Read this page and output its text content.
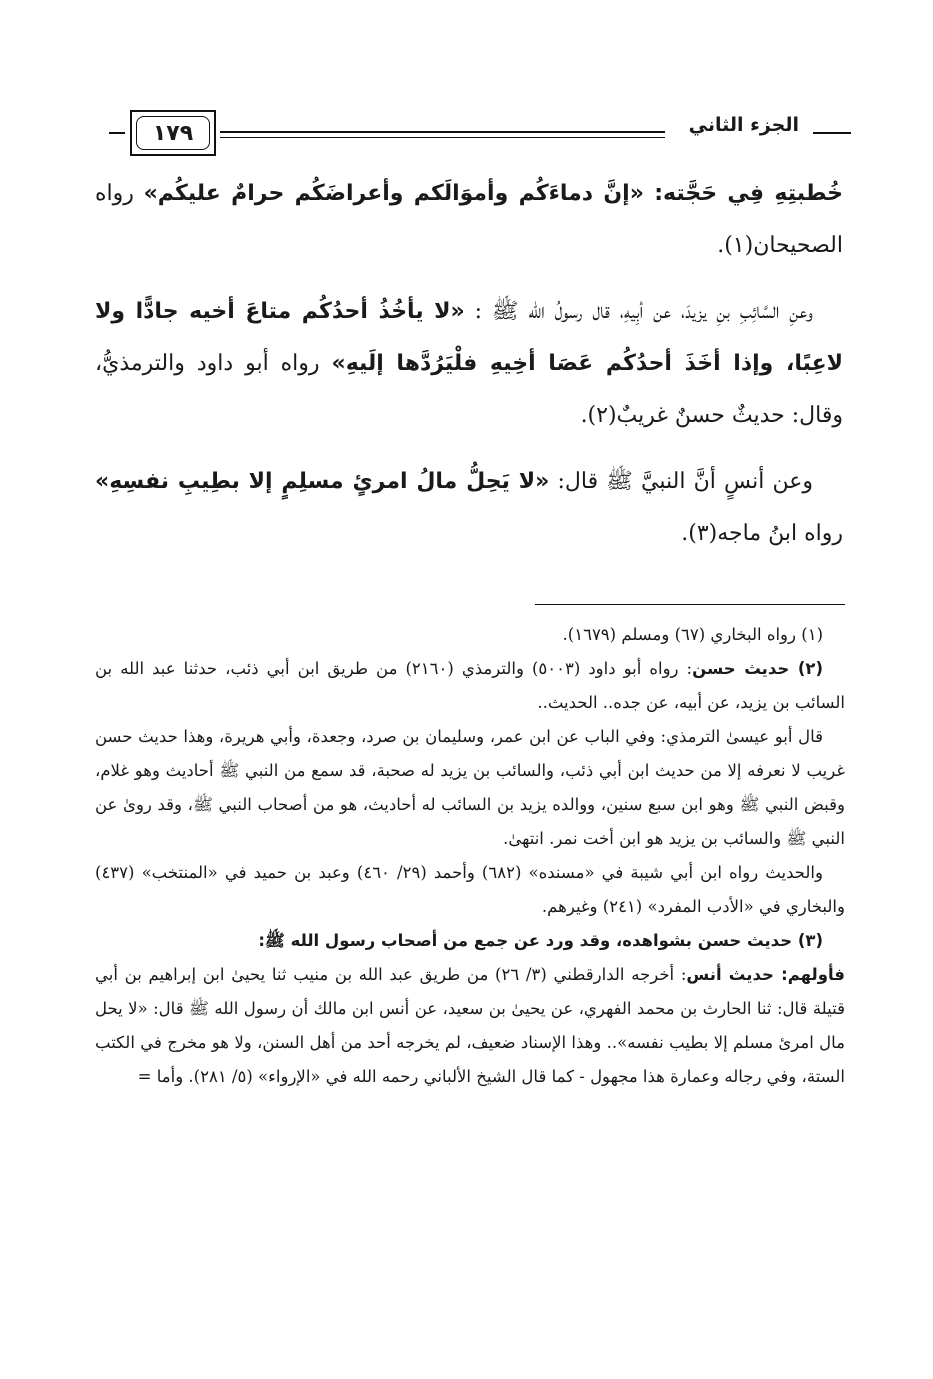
١٧٩	الجزء الثاني

خُطبتِهِ فِي حَجَّته: «إنَّ دماءَكُم وأموَالَكم وأعراضَكُم حرامٌ عليكُم» رواه الصحيحان(١).

وعنِ السَّائِبِ بنِ يزيدَ، عن أبِيهِ، قال رسولُ الله ﷺ : «لا يأخُذُ أحدُكُم متاعَ أخيه جادًّا ولا لاعِبًا، وإذا أخَذَ أحدُكُم عَصَا أخِيهِ فلْيَرُدَّها إلَيهِ» رواه أبو داود والترمذيُّ، وقال: حديثٌ حسنٌ غريبٌ(٢).

وعن أنسٍ أنَّ النبيَّ ﷺ قال: «لا يَحِلُّ مالُ امرئٍ مسلِمٍ إلا بطِيبِ نفسِهِ» رواه ابنُ ماجه(٣).

(١) رواه البخاري (٦٧) ومسلم (١٦٧٩).

(٢) حديث حسن: رواه أبو داود (٥٠٠٣) والترمذي (٢١٦٠) من طريق ابن أبي ذئب، حدثنا عبد الله بن السائب بن يزيد، عن أبيه، عن جده.. الحديث..

قال أبو عيسىٰ الترمذي: وفي الباب عن ابن عمر، وسليمان بن صرد، وجعدة، وأبي هريرة، وهذا حديث حسن غريب لا نعرفه إلا من حديث ابن أبي ذئب، والسائب بن يزيد له صحبة، قد سمع من النبي ﷺ أحاديث وهو غلام، وقبض النبي ﷺ وهو ابن سبع سنين، ووالده يزيد بن السائب له أحاديث، هو من أصحاب النبي ﷺ، وقد روىٰ عن النبي ﷺ والسائب بن يزيد هو ابن أخت نمر. انتهىٰ.

والحديث رواه ابن أبي شيبة في «مسنده» (٦٨٢) وأحمد (٢٩/ ٤٦٠) وعبد بن حميد في «المنتخب» (٤٣٧) والبخاري في «الأدب المفرد» (٢٤١) وغيرهم.

(٣) حديث حسن بشواهده، وقد ورد عن جمع من أصحاب رسول الله ﷺ:

فأولهم: حديث أنس: أخرجه الدارقطني (٣/ ٢٦) من طريق عبد الله بن منيب ثنا يحيىٰ ابن إبراهيم بن أبي قتيلة قال: ثنا الحارث بن محمد الفهري، عن يحيىٰ بن سعيد، عن أنس ابن مالك أن رسول الله ﷺ قال: «لا يحل مال امرئ مسلم إلا بطيب نفسه».. وهذا الإسناد ضعيف، لم يخرجه أحد من أهل السنن، ولا هو مخرج في الكتب الستة، وفي رجاله وعمارة هذا مجهول - كما قال الشيخ الألباني رحمه الله في «الإرواء» (٥/ ٢٨١). وأما =
